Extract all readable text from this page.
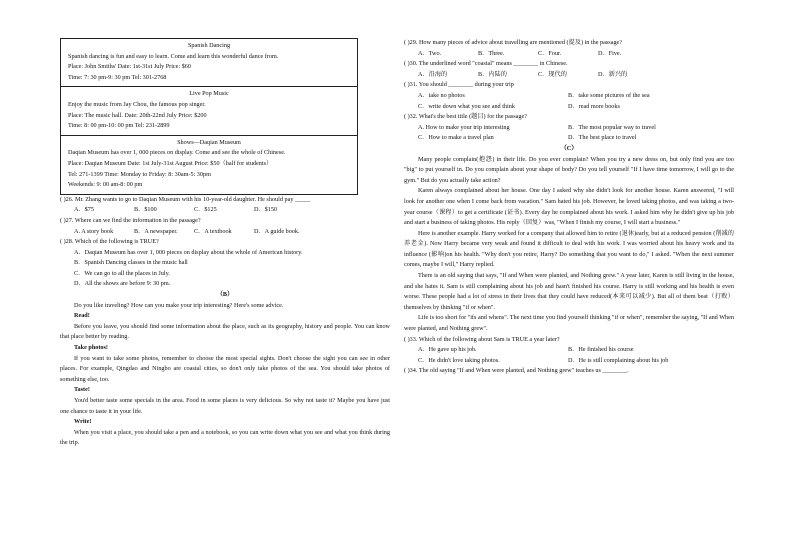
Spanish Dancing
Spanish dancing is fun and easy to learn. Come and learn this wonderful dance from.
Place: John Smiths' Date: 1st-31st July Price: $60
Time: 7: 30 pm-9: 30 pm Tel: 301-2768
Live Pop Music
Enjoy the music from Jay Chou, the famous pop singer.
Place: The music hall. Date: 20th-22nd July Price: $200
Time: 8: 00 pm-10: 00 pm Tel: 231-2899
Shows—Daqian Museum
Daqian Museum has over 1, 000 pieces on display. Come and see the whole of Chinese.
Place: Daqian Museum Date: 1st July-31st August Price: $50（half for students）
Tel: 271-1399 Time: Monday to Friday: 8: 30am-5: 30pm
Weekends: 9: 00 am-8: 00 pm
( )26. Mr. Zhang wants to go to Daqian Museum with his 10-year-old daughter. He should pay _____
A．$75	B．$100	C．$125	D．$150
( )27. Where can we find the information in the passage?
A. A story book	B．A newspaper.	C．A textbook	D．A guide book.
( )28. Which of the following is TRUE?
A．Daqian Museum has over 1, 000 pieces on display about the whole of American history.
B．Spanish Dancing classes in the music hall
C．We can go to all the places in July.
D．All the shows are before 9: 30 pm.
（B）
Do you like traveling? How can you make your trip interesting? Here's some advice.
Read!
Before you leave, you should find some information about the place, such as its geography, history and people. You can know that place better by reading.
Take photos!
If you want to take some photos, remember to choose the most special sights. Don't choose the sight you can see in other places. For example, Qingdao and Ningbo are coastal cities, so don't only take photos of the sea. You should take photos of something else, too.
Taste!
You'd better taste some specials in the area. Food in some places is very delicious. So why not taste it? Maybe you have just one chance to taste it in your life.
Write!
When you visit a place, you should take a pen and a notebook, so you can write down what you see and what you think during the trip.
( )29. How many pieces of advice about travelling are mentioned (提及) in the passage?
A．Two.	B．Three.	C．Four.	D．Five.
( )30. The underlined word "coastal" means ________ in Chinese.
A．沿海的	B．内陆的	C．现代的	D．新兴的
( )31. You should ________ during your trip
A．take no photos	B．take some pictures of the sea
C．write down what you see and think	D．read more books
( )32. What's the best title (题目) for the passage?
A. How to make your trip interesting	B．The most popular way to travel
C．How to make a travel plan	D．The best place to travel
（C）
Many people complain(抱怨) in their life. Do you ever complain? When you try a new dress on, but only find you are too "big" to put yourself in. Do you complain about your shape of body? Do you tell yourself "If I have time tomorrow, I will go to the gym." But do you actually take action?
Karen always complained about her house. One day I asked why she didn't look for another house. Karen answered, "I will look for another one when I come back from vacation." Sam hated his job. However, he loved taking photos, and was taking a two-year course（课程）to get a certificate (证书). Every day he complained about his work. I asked him why he didn't give up his job and start a business of taking photos. His reply（回复）was, "When I finish my course, I will start a business."
Here is another example. Harry worked for a company that allowed him to retire (退休)early, but at a reduced pension (削减的养老金). Now Harry became very weak and found it difficult to deal with his work. I was worried about his heavy work and its influence (影响)on his health. "Why don't you retire, Harry? Do something that you want to do," I asked. "When the next summer comes, maybe I will," Harry replied.
There is an old saying that says, "If and When were planted, and Nothing grew." A year later, Karen is still living in the house, and she hates it. Sam is still complaining about his job and hasn't finished his course. Harry is still working and his health is even worse. These people had a lot of stress in their lives that they could have reduced(本来可以减少). But all of them beat（打败）themselves by thinking "if or when".
Life is too short for "ifs and whens". The next time you find yourself thinking "if or when", remember the saying, "If and When were planted, and Nothing grew".
( )33. Which of the following about Sam is TRUE a year later?
A．He gave up his job.	B．He finished his course
C．He didn't love taking photos.	D．He is still complaining about his job
( )34. The old saying "If and When were planted, and Nothing grew" teaches us ________.
